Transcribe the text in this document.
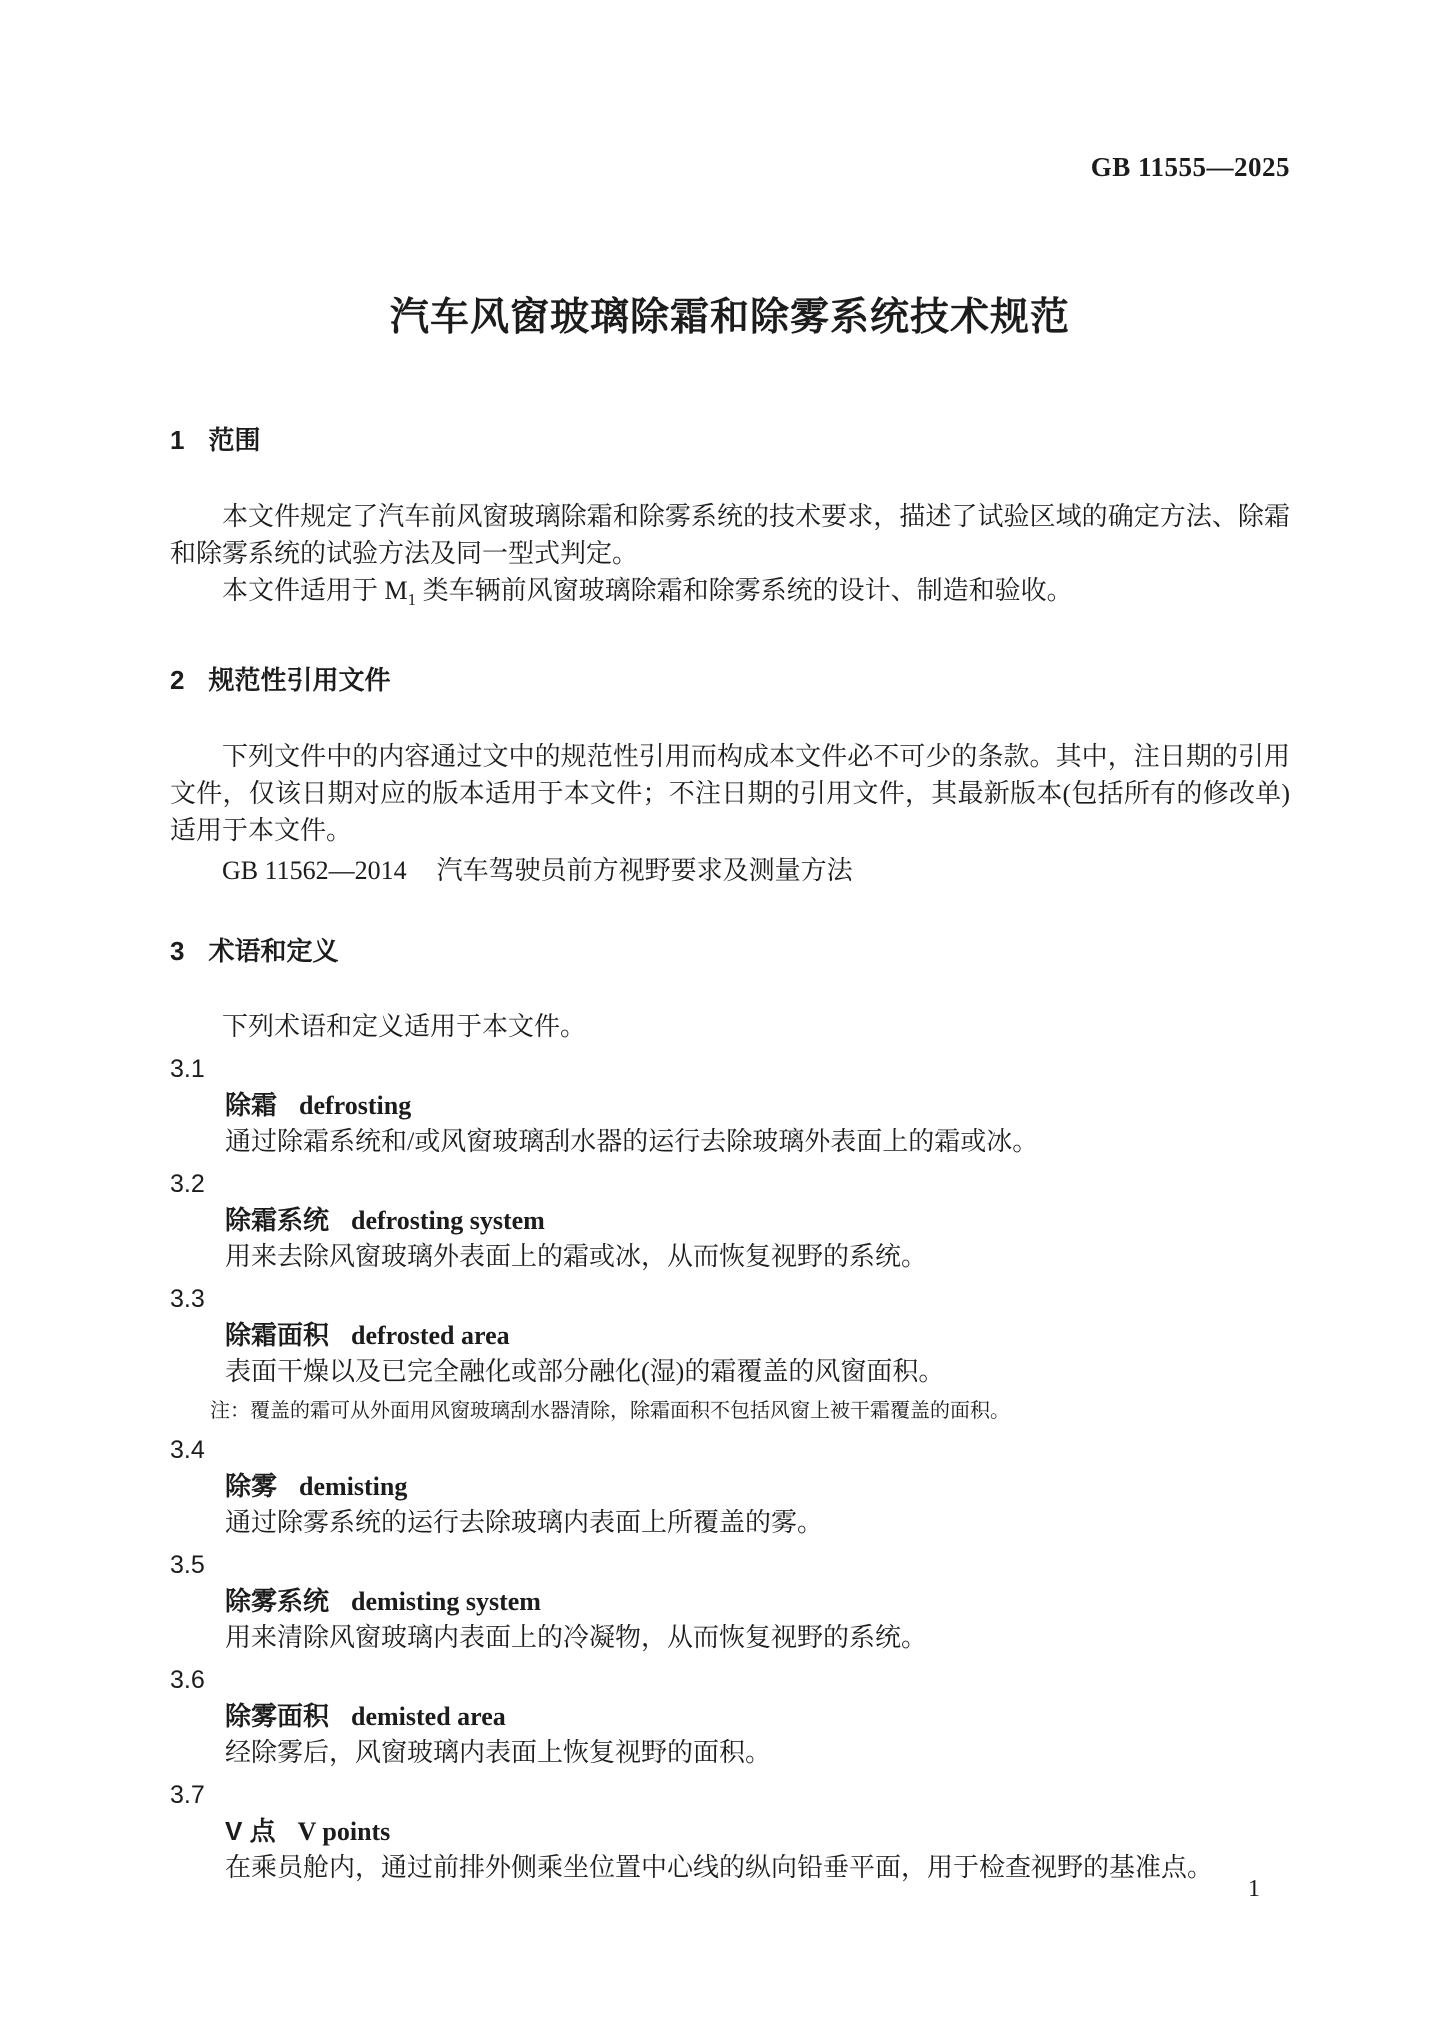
GB 11555—2025
汽车风窗玻璃除霜和除雾系统技术规范
1 范围

本文件规定了汽车前风窗玻璃除霜和除雾系统的技术要求，描述了试验区域的确定方法、除霜和除雾系统的试验方法及同一型式判定。

本文件适用于 $M_1$ 类车辆前风窗玻璃除霜和除雾系统的设计、制造和验收。

2 规范性引用文件

下列文件中的内容通过文中的规范性引用而构成本文件必不可少的条款。其中，注日期的引用文件，仅该日期对应的版本适用于本文件；不注日期的引用文件，其最新版本(包括所有的修改单)适用于本文件。

GB 11562—2014 汽车驾驶员前方视野要求及测量方法

3 术语和定义

下列术语和定义适用于本文件。

3.1
除霜 defrosting
通过除霜系统和/或风窗玻璃刮水器的运行去除玻璃外表面上的霜或冰。
3.2
除霜系统 defrosting system
用来去除风窗玻璃外表面上的霜或冰，从而恢复视野的系统。
3.3
除霜面积 defrosted area
表面干燥以及已完全融化或部分融化(湿)的霜覆盖的风窗面积。
注：覆盖的霜可从外面用风窗玻璃刮水器清除，除霜面积不包括风窗上被干霜覆盖的面积。
3.4
除雾 demisting
通过除雾系统的运行去除玻璃内表面上所覆盖的雾。
3.5
除雾系统 demisting system
用来清除风窗玻璃内表面上的冷凝物，从而恢复视野的系统。
3.6
除雾面积 demisted area
经除雾后，风窗玻璃内表面上恢复视野的面积。
3.7
V 点 V points
在乘员舱内，通过前排外侧乘坐位置中心线的纵向铅垂平面，用于检查视野的基准点。
1
